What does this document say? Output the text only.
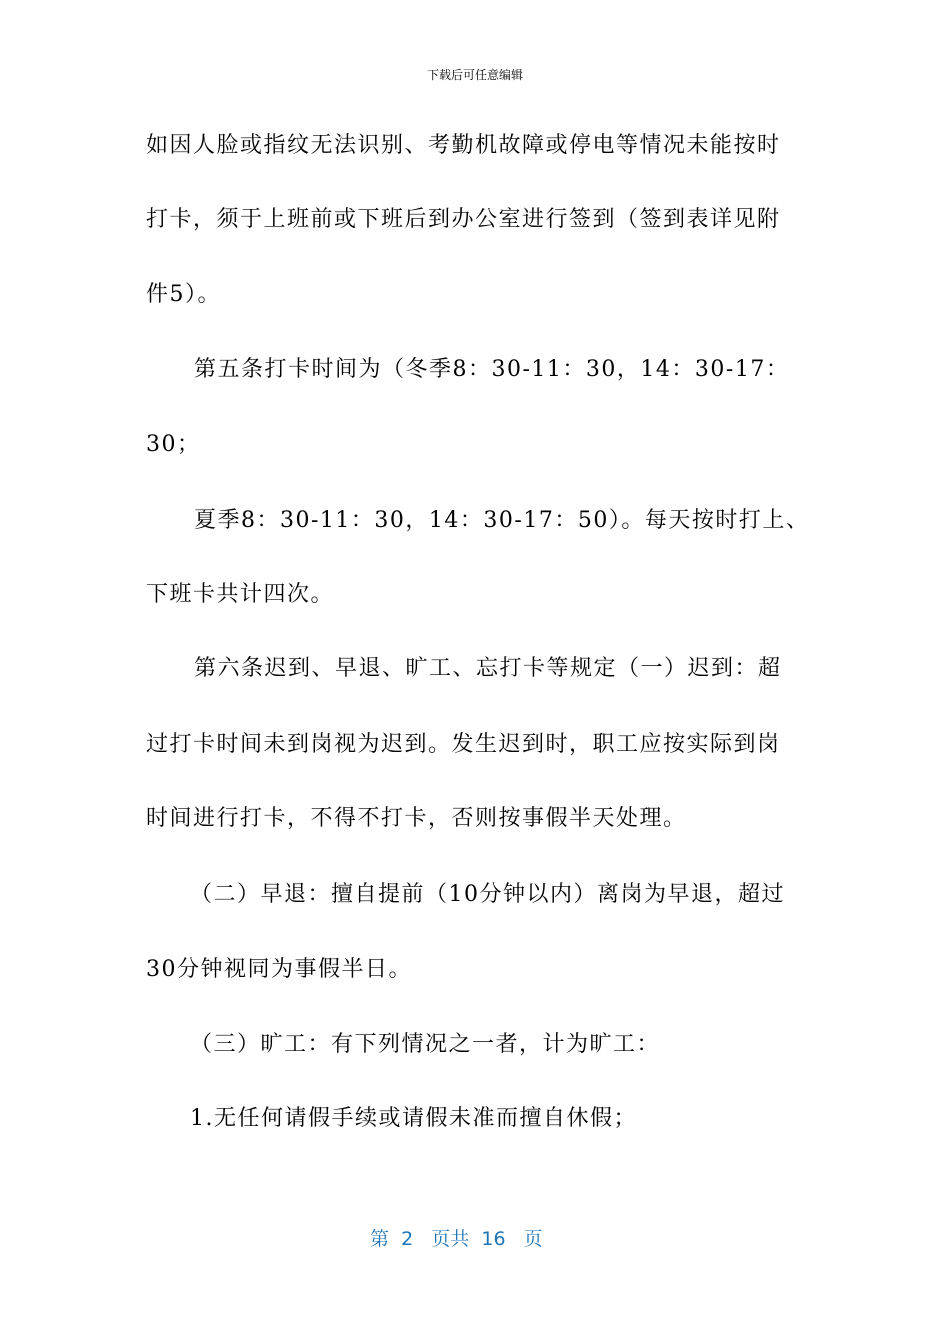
下载后可任意编辑
如因人脸或指纹无法识别、考勤机故障或停电等情况未能按时
打卡，须于上班前或下班后到办公室进行签到（签到表详见附
件5）。
第五条打卡时间为（冬季8：30-11：30，14：30-17：
30；
夏季8：30-11：30，14：30-17：50）。每天按时打上、
下班卡共计四次。
第六条迟到、早退、旷工、忘打卡等规定（一）迟到：超
过打卡时间未到岗视为迟到。发生迟到时，职工应按实际到岗
时间进行打卡，不得不打卡，否则按事假半天处理。
（二）早退：擅自提前（10分钟以内）离岗为早退，超过
30分钟视同为事假半日。
（三）旷工：有下列情况之一者，计为旷工：
1.无任何请假手续或请假未准而擅自休假；
第  2   页共  16   页
